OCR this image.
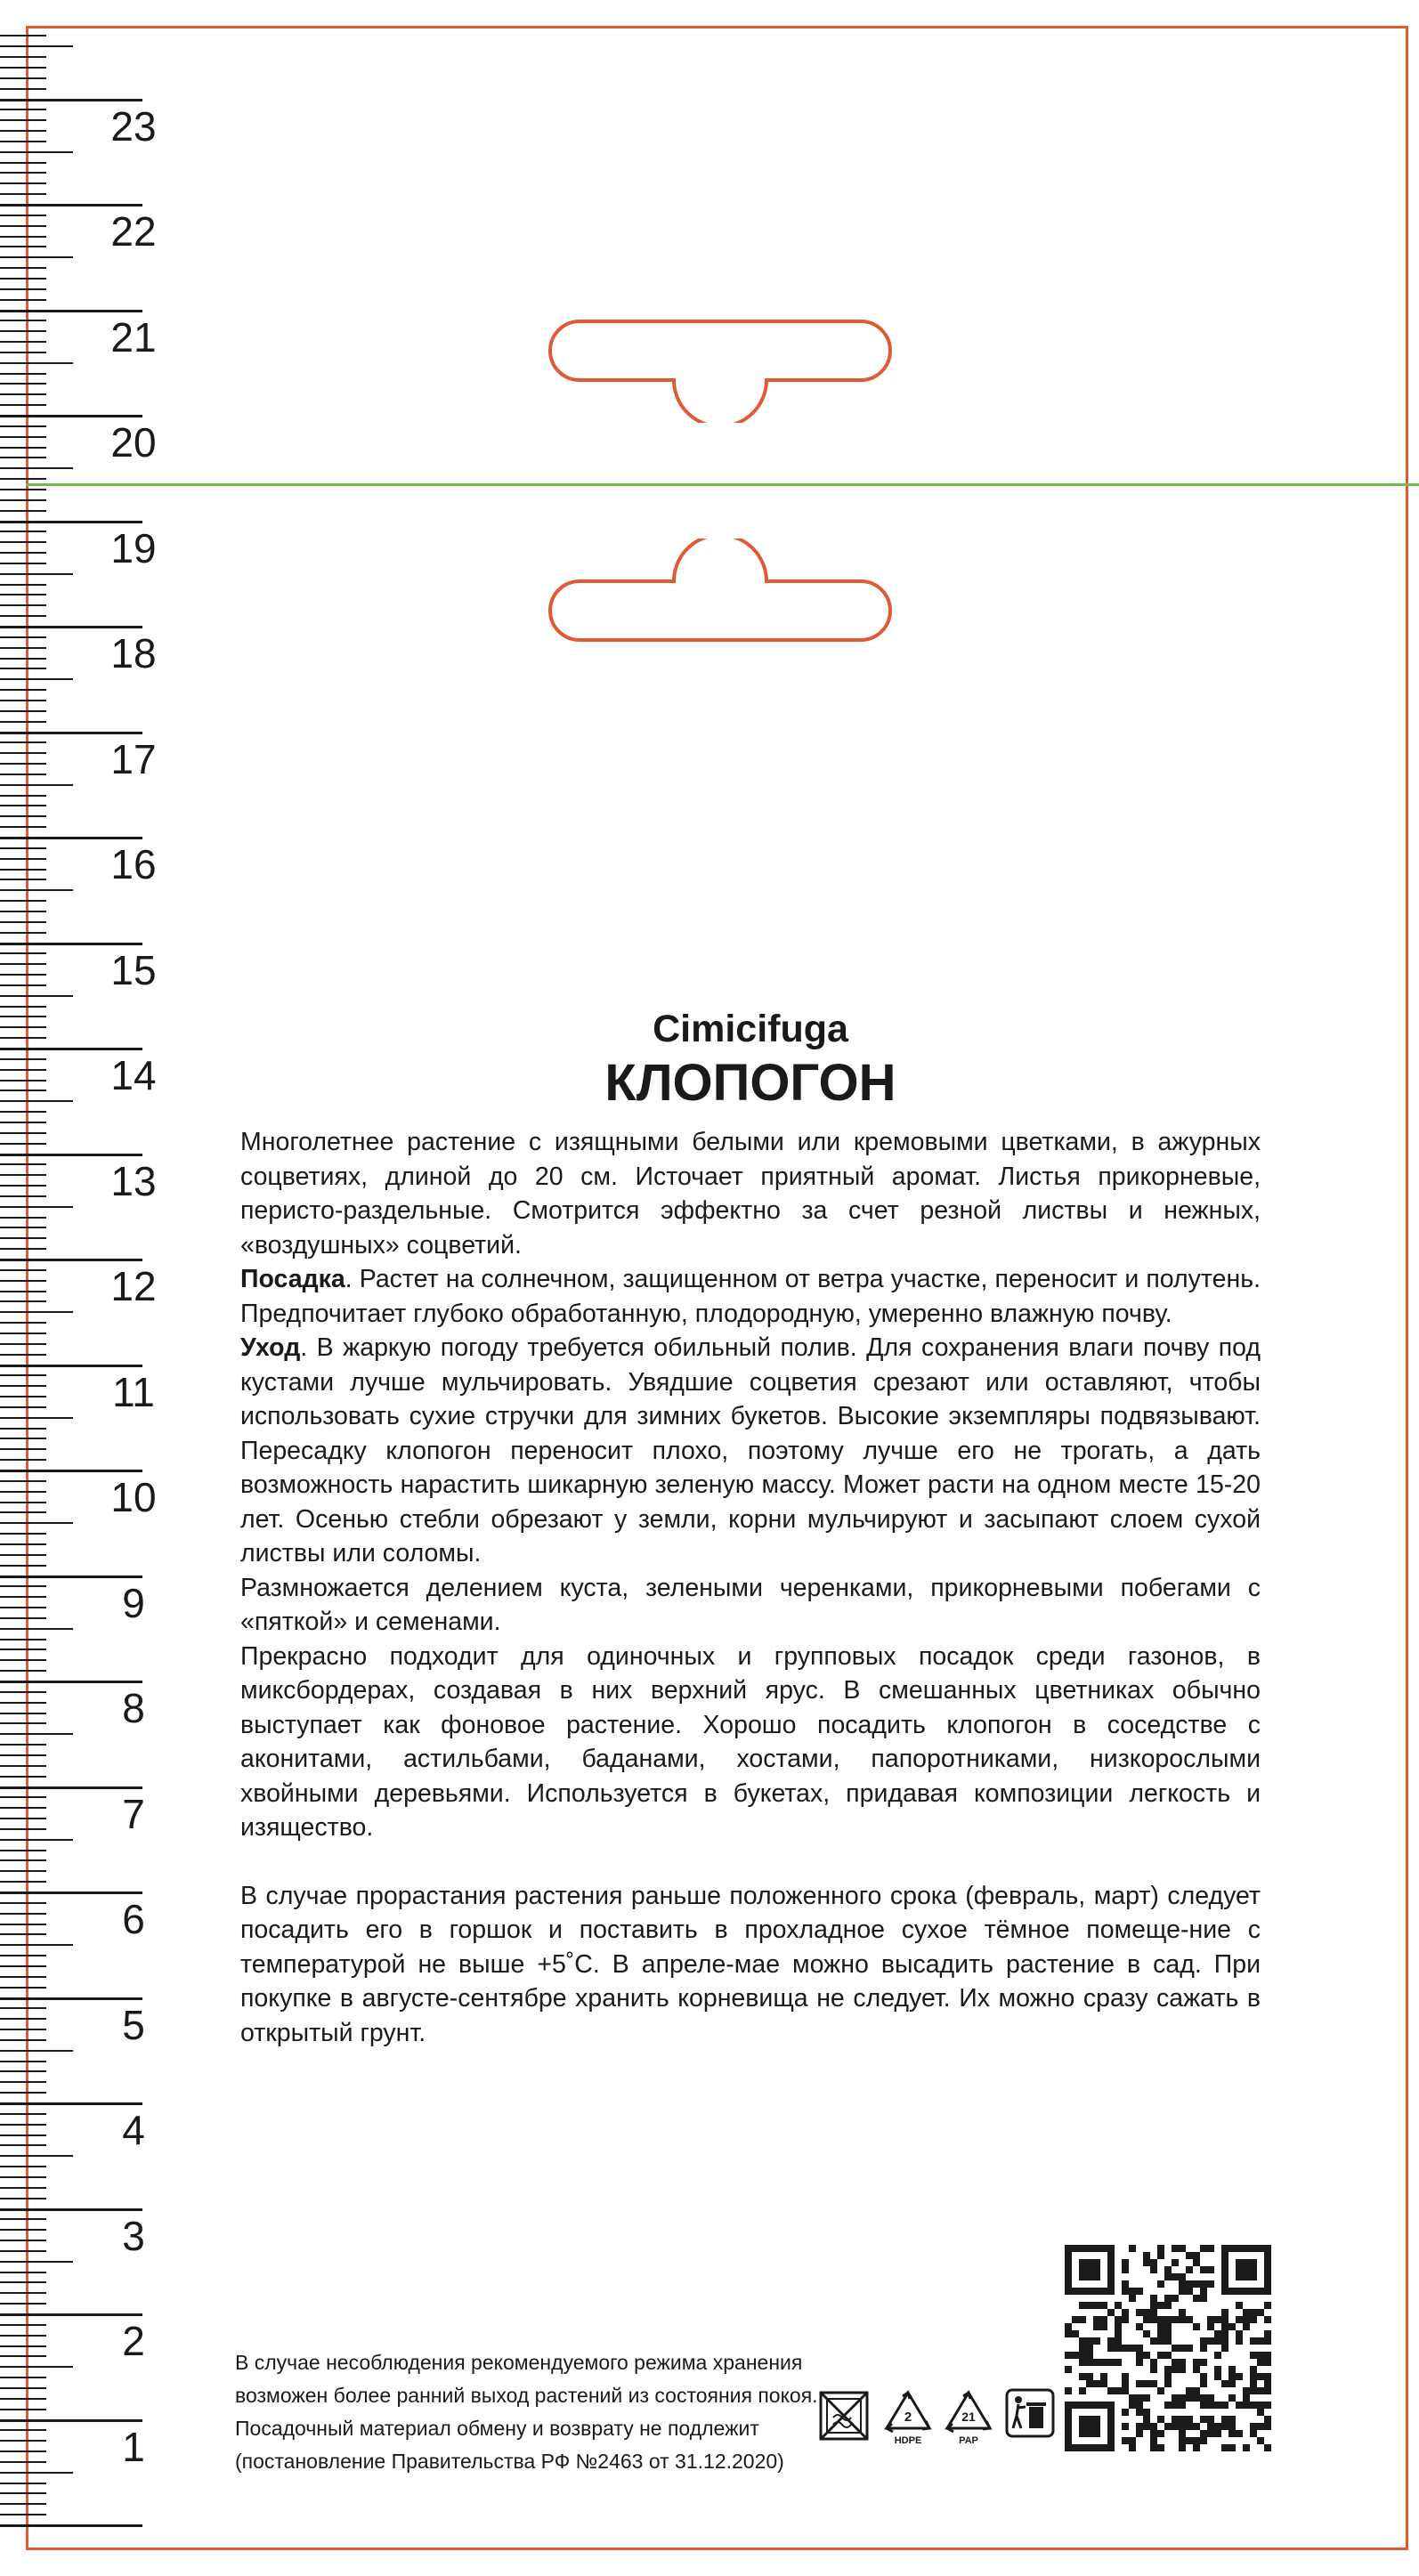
23
22
21
20
19
18
17
16
15
14
13
12
11
10
9
8
7
6
5
4
3
2
1
Cimicifuga
КЛОПОГОН

Многолетнее растение с изящными белыми или кремовыми цветками, в ажурных соцветиях, длиной до 20 см. Источает приятный аромат. Листья прикорневые, перисто-раздельные. Смотрится эффектно за счет резной листвы и нежных, «воздушных» соцветий.

Посадка. Растет на солнечном, защищенном от ветра участке, переносит и полутень. Предпочитает глубоко обработанную, плодородную, умеренно влажную почву.

Уход. В жаркую погоду требуется обильный полив. Для сохранения влаги почву под кустами лучше мульчировать. Увядшие соцветия срезают или оставляют, чтобы использовать сухие стручки для зимних букетов. Высокие экземпляры подвязывают. Пересадку клопогон переносит плохо, поэтому лучше его не трогать, а дать возможность нарастить шикарную зеленую массу. Может расти на одном месте 15-20 лет. Осенью стебли обрезают у земли, корни мульчируют и засыпают слоем сухой листвы или соломы.

Размножается делением куста, зелеными черенками, прикорневыми побегами с «пяткой» и семенами.

Прекрасно подходит для одиночных и групповых посадок среди газонов, в миксбордерах, создавая в них верхний ярус. В смешанных цветниках обычно выступает как фоновое растение. Хорошо посадить клопогон в соседстве с аконитами, астильбами, баданами, хостами, папоротниками, низкорослыми хвойными деревьями. Используется в букетах, придавая композиции легкость и изящество.

В случае прорастания растения раньше положенного срока (февраль, март) следует посадить его в горшок и поставить в прохладное сухое тёмное помеще-ние с температурой не выше +5˚С. В апреле-мае можно высадить растение в сад. При покупке в августе-сентябре хранить корневища не следует. Их можно сразу сажать в открытый грунт.

В случае несоблюдения рекомендуемого режима хранения
возможен более ранний выход растений из состояния покоя.
Посадочный материал обмену и возврату не подлежит
(постановление Правительства РФ №2463 от 31.12.2020)
2
HDPE
21
PAP
